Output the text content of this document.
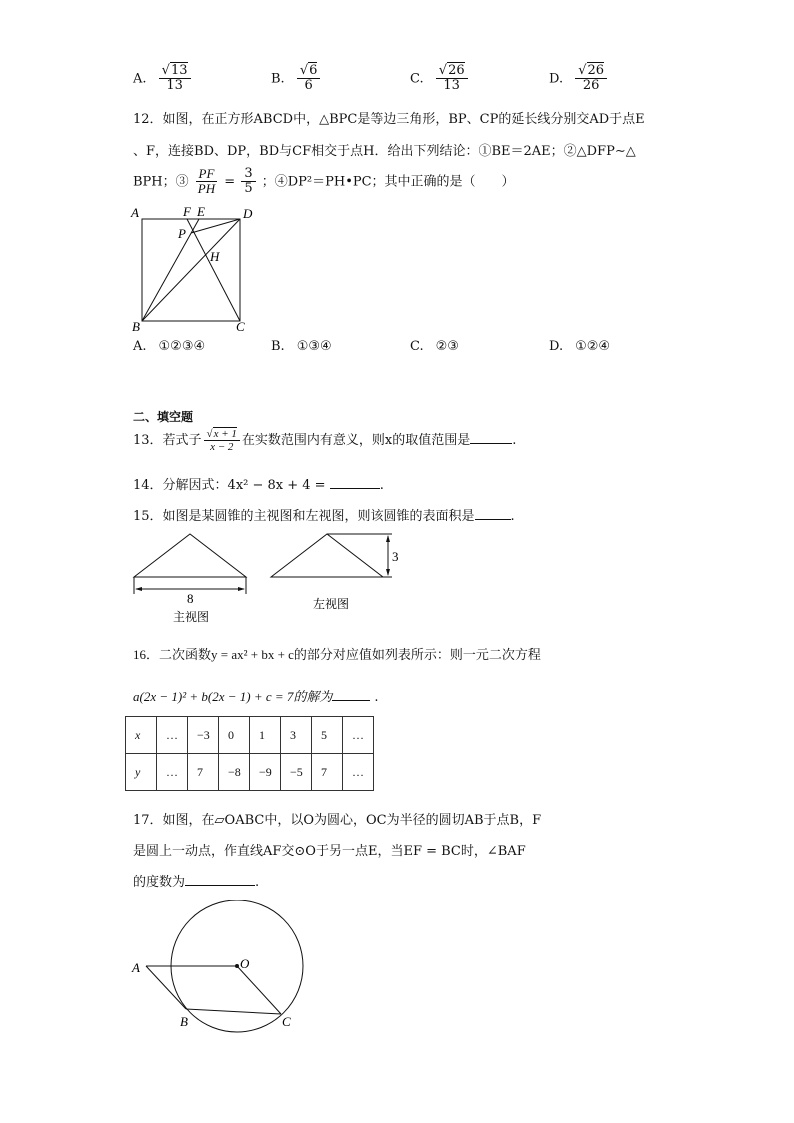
A. $\frac{√13}{13}$	B. $\frac{√6}{6}$	C. $\frac{√26}{13}$	D. $\frac{√26}{26}$
12．如图，在正方形ABCD中，△BPC是等边三角形，BP、CP的延长线分别交AD于点E
、F，连接BD、DP，BD与CF相交于点H．给出下列结论：①BE＝2AE；②△DFP∼△
BPH；③ $\frac{PF}{PH} = \frac{3}{5}$ ；④DP²＝PH•PC；其中正确的是（　　）
A	F E	D
P
H
B	C
A. ①②③④	B. ①③④	C. ②③	D. ①②④
二、填空题
13．若式子 $\frac{√x + 1}{x - 2}$ 在实数范围内有意义，则x的取值范围是	.
14．分解因式：4x² − 8x + 4 =	.
15．如图是某圆锥的主视图和左视图，则该圆锥的表面积是	.
8
主视图
3
左视图
16．二次函数y = ax² + bx + c的部分对应值如列表所示：则一元二次方程
a(2x − 1)² + b(2x − 1) + c = 7的解为	.
x	…	−3	0	1	3	5	…
y	…	7	−8	−9	−5	7	…
17．如图，在▱OABC中，以O为圆心，OC为半径的圆切AB于点B，F
是圆上一动点，作直线AF交⊙O于另一点E，当EF = BC时，∠BAF
的度数为	.
A	O
B	C
